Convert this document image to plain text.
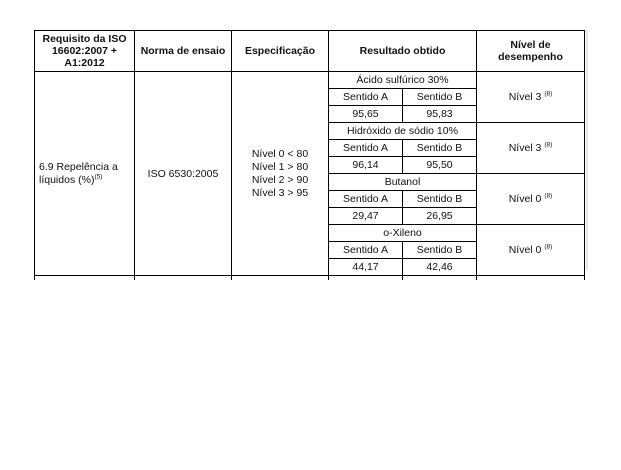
Requisito da ISO 16602:2007 + A1:2012	Norma de ensaio	Especificação	Resultado obtido		Nível de desempenho
6.9 Repelência a líquidos (%)$^{(5)}$	ISO 6530:2005	Nível 0 < 80
Nível 1 > 80
Nível 2 > 90
Nível 3 > 95	Ácido sulfúrico 30%		Nível 3 $^{(8)}$
			Sentido A	Sentido B	
			95,65	95,83	
			Hidróxido de sódio 10%		Nível 3 $^{(8)}$
			Sentido A	Sentido B	
			96,14	95,50	
			Butanol		Nível 0 $^{(8)}$
			Sentido A	Sentido B	
			29,47	26,95	
			o-Xileno		Nível 0 $^{(8)}$
			Sentido A	Sentido B	
			44,17	42,46	
